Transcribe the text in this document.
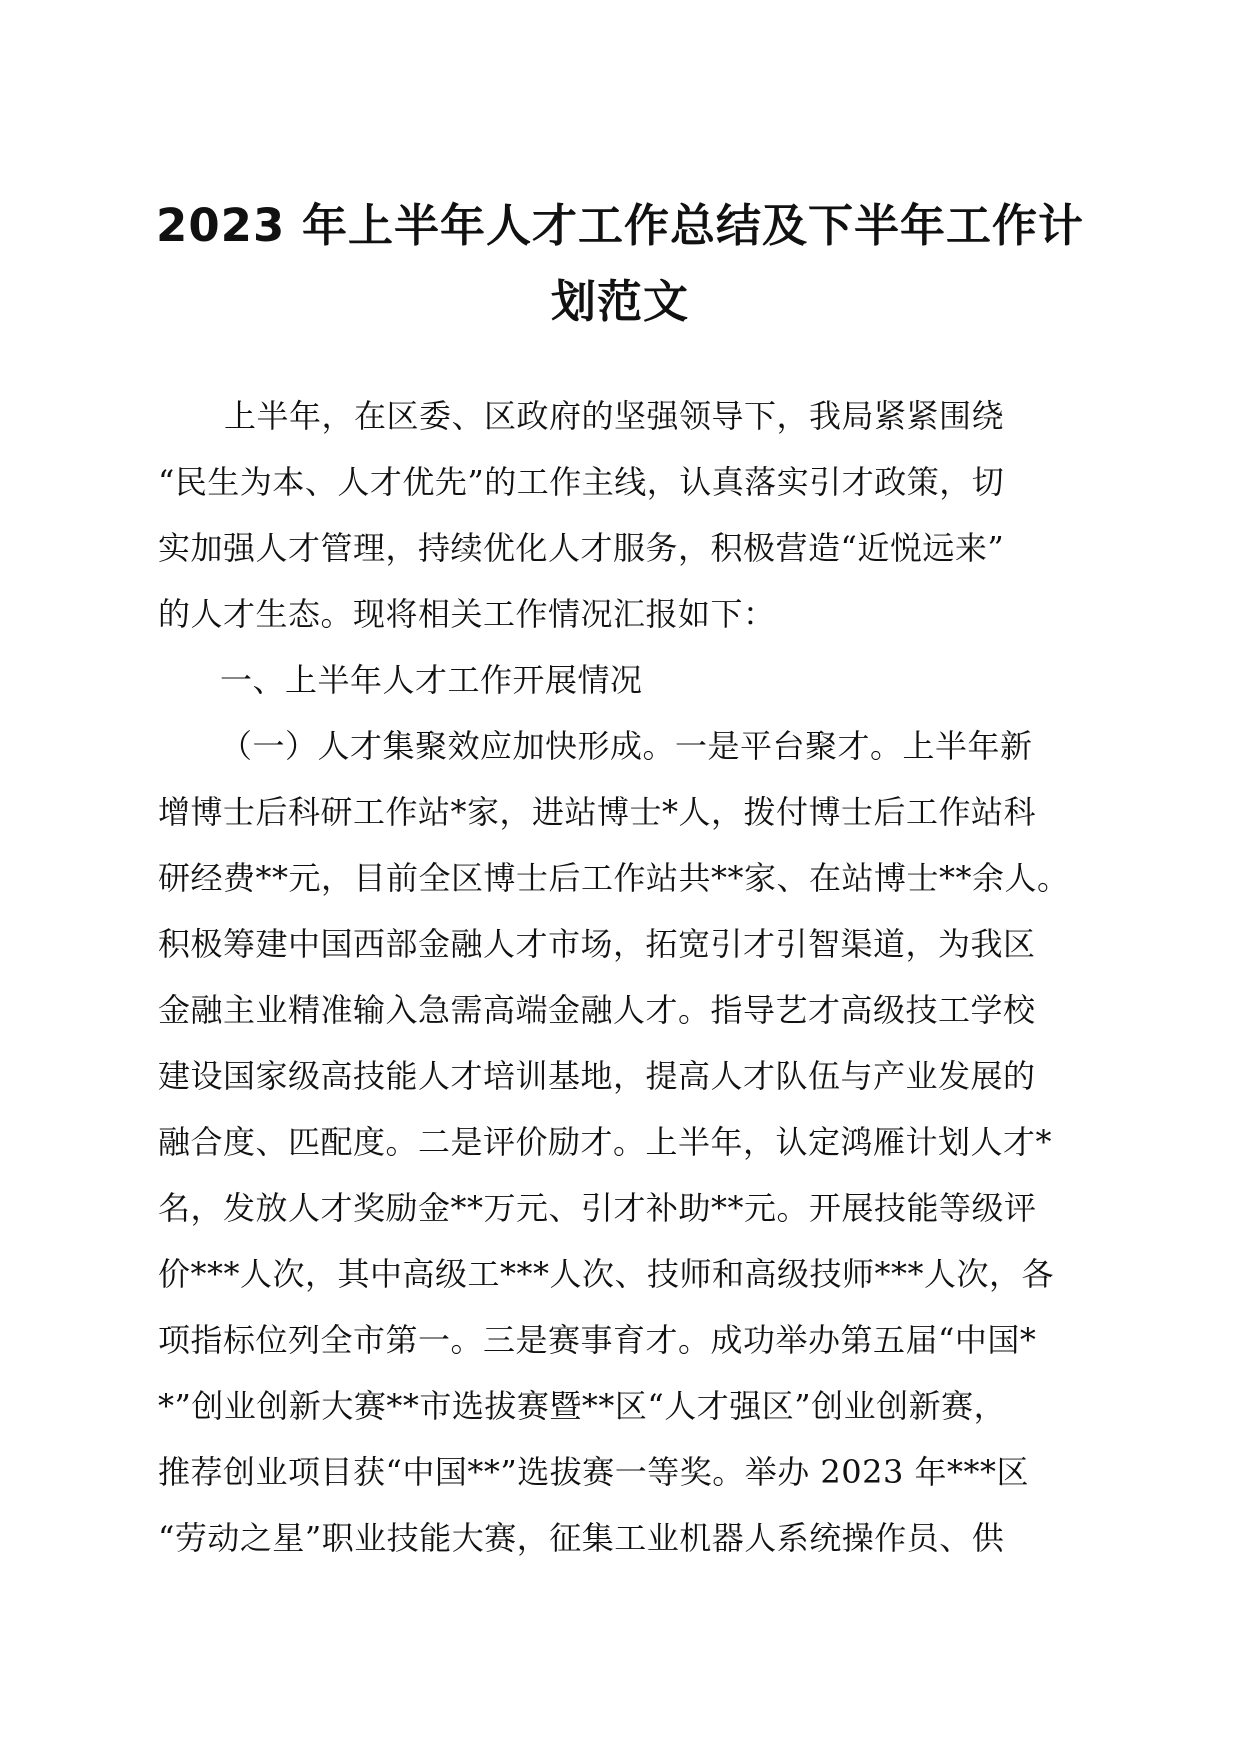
2023 年上半年人才工作总结及下半年工作计
划范文
上半年，在区委、区政府的坚强领导下，我局紧紧围绕
“民生为本、人才优先”的工作主线，认真落实引才政策，切
实加强人才管理，持续优化人才服务，积极营造“近悦远来”
的人才生态。现将相关工作情况汇报如下：
一、上半年人才工作开展情况
（一）人才集聚效应加快形成。一是平台聚才。上半年新
增博士后科研工作站*家，进站博士*人，拨付博士后工作站科
研经费**元，目前全区博士后工作站共**家、在站博士**余人。
积极筹建中国西部金融人才市场，拓宽引才引智渠道，为我区
金融主业精准输入急需高端金融人才。指导艺才高级技工学校
建设国家级高技能人才培训基地，提高人才队伍与产业发展的
融合度、匹配度。二是评价励才。上半年，认定鸿雁计划人才*
名，发放人才奖励金**万元、引才补助**元。开展技能等级评
价***人次，其中高级工***人次、技师和高级技师***人次，各
项指标位列全市第一。三是赛事育才。成功举办第五届“中国*
*”创业创新大赛**市选拔赛暨**区“人才强区”创业创新赛，
推荐创业项目获“中国**”选拔赛一等奖。举办 2023 年***区
“劳动之星”职业技能大赛，征集工业机器人系统操作员、供
